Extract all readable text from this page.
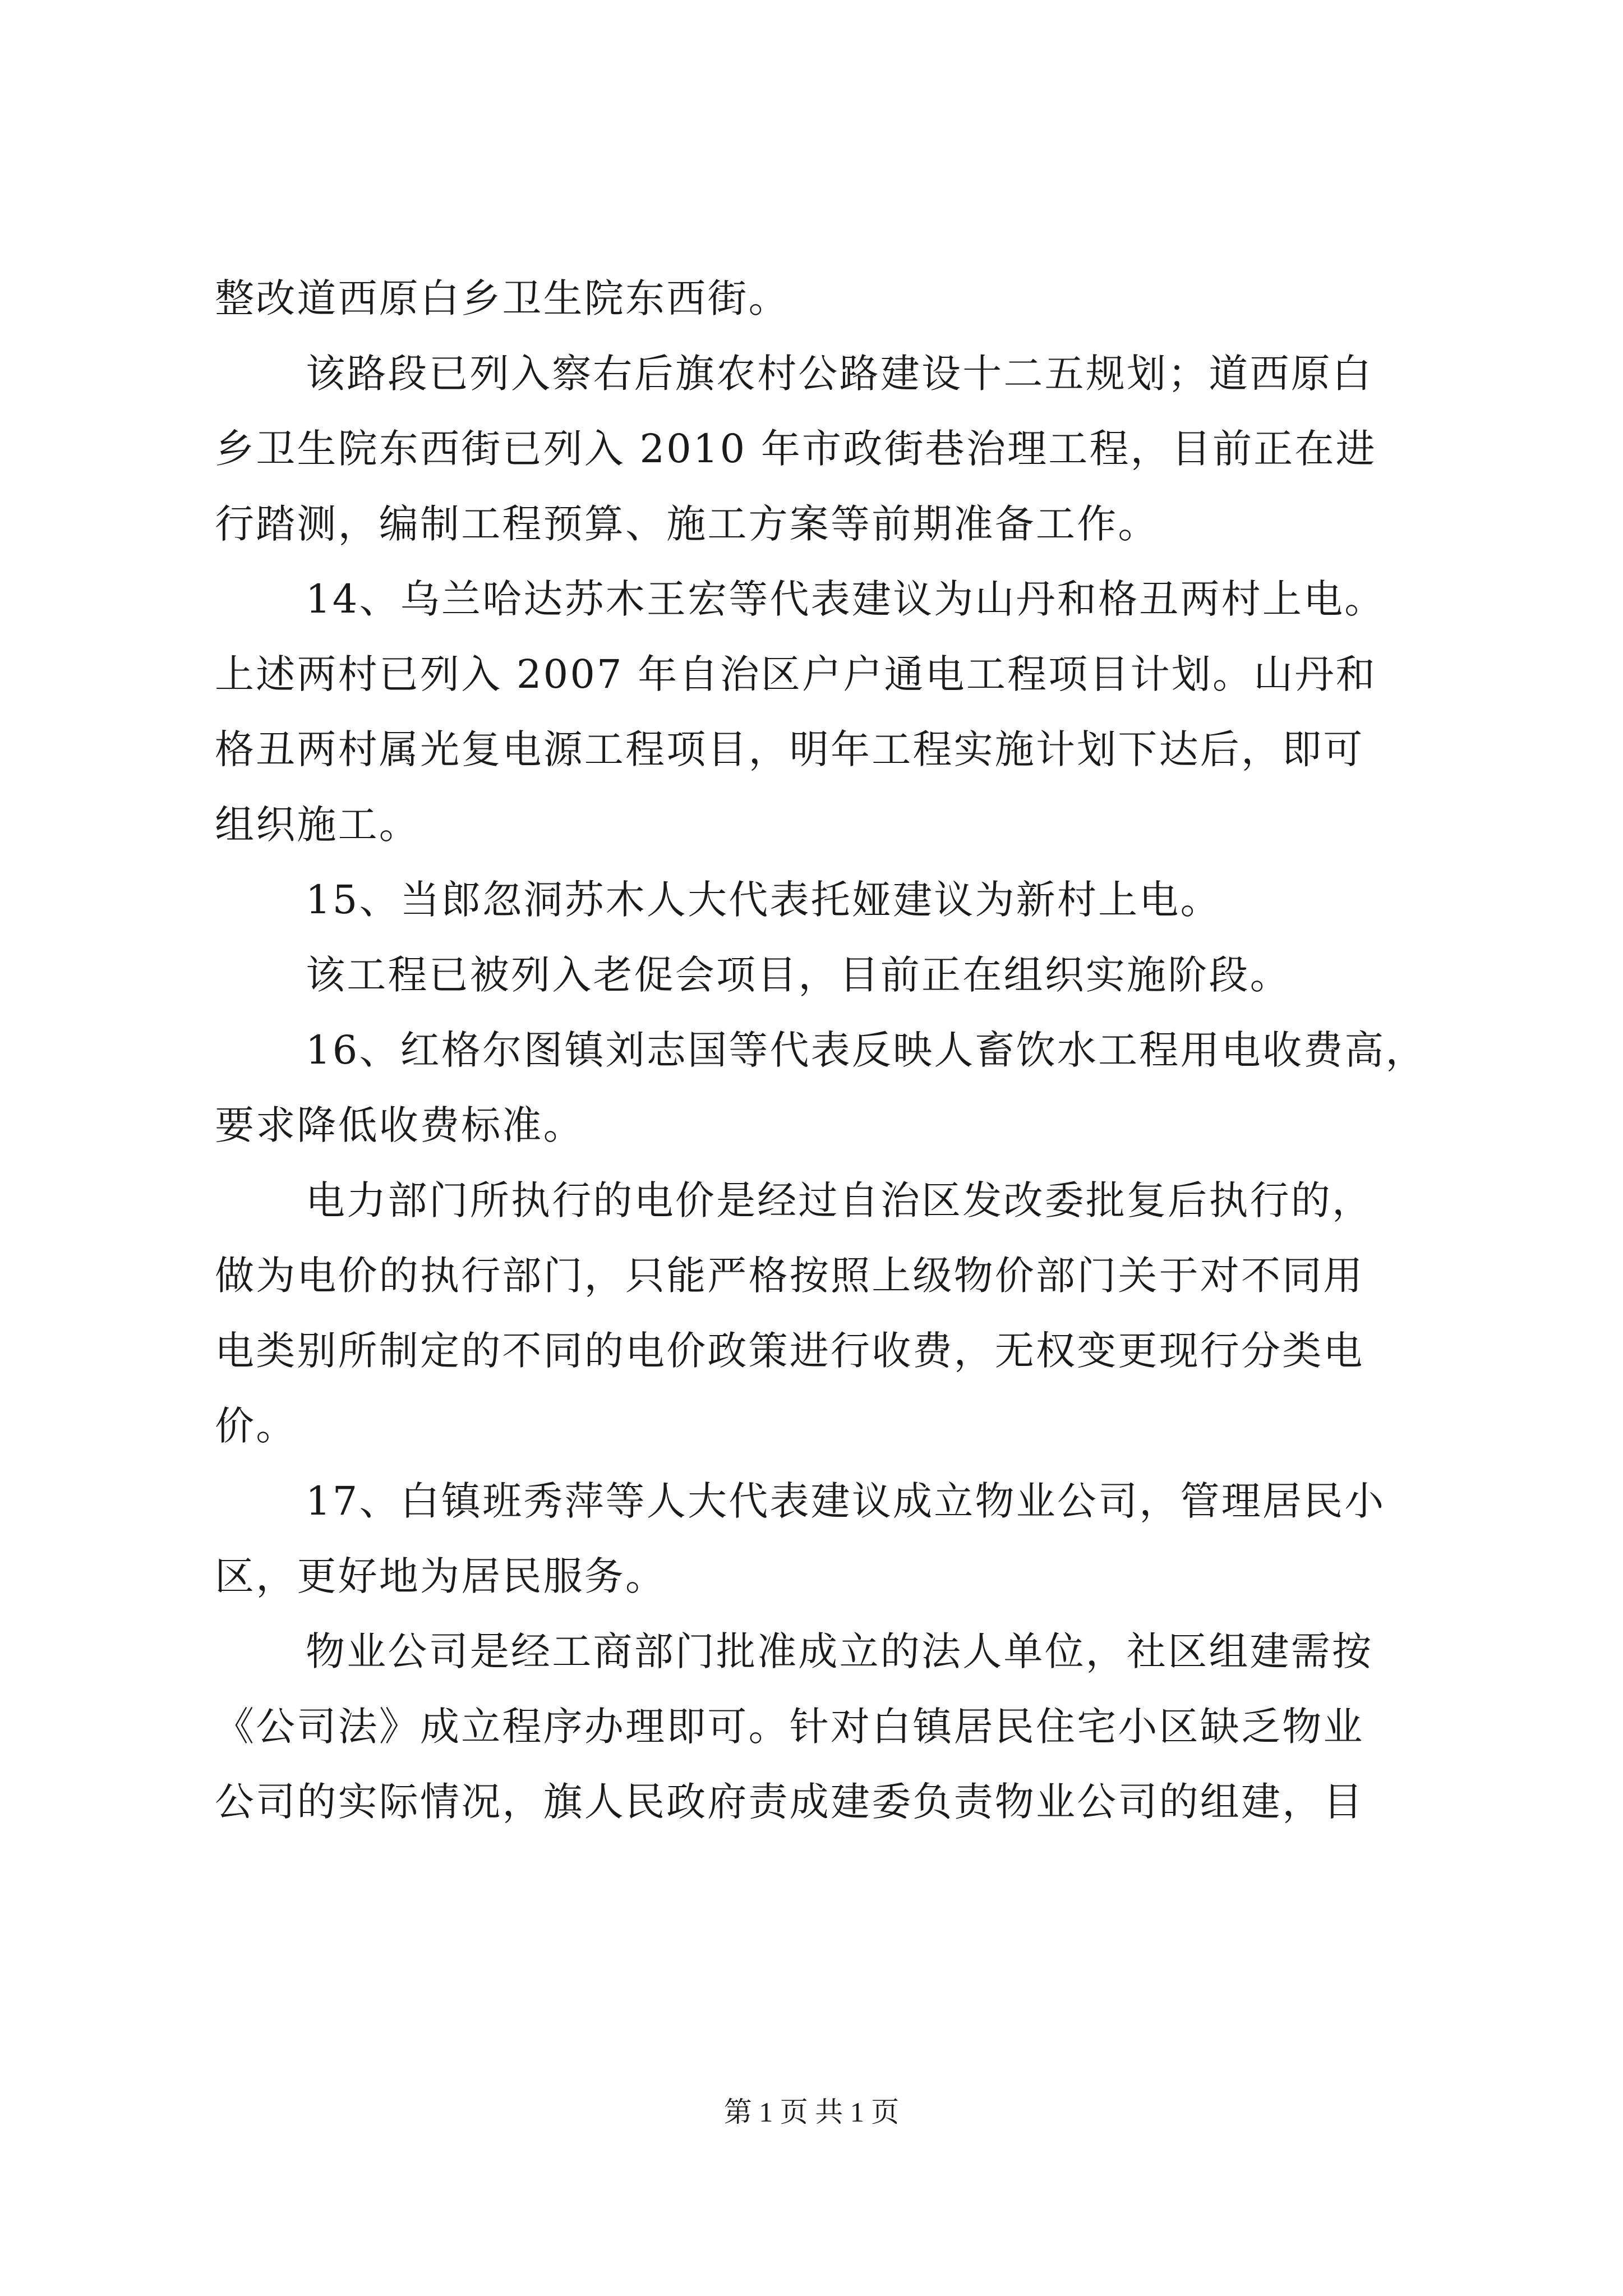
整改道西原白乡卫生院东西街。
该路段已列入察右后旗农村公路建设十二五规划；道西原白
乡卫生院东西街已列入 2010 年市政街巷治理工程，目前正在进
行踏测，编制工程预算、施工方案等前期准备工作。
14、乌兰哈达苏木王宏等代表建议为山丹和格丑两村上电。
上述两村已列入 2007 年自治区户户通电工程项目计划。山丹和
格丑两村属光复电源工程项目，明年工程实施计划下达后，即可
组织施工。
15、当郎忽洞苏木人大代表托娅建议为新村上电。
该工程已被列入老促会项目，目前正在组织实施阶段。
16、红格尔图镇刘志国等代表反映人畜饮水工程用电收费高，
要求降低收费标准。
电力部门所执行的电价是经过自治区发改委批复后执行的，
做为电价的执行部门，只能严格按照上级物价部门关于对不同用
电类别所制定的不同的电价政策进行收费，无权变更现行分类电
价。
17、白镇班秀萍等人大代表建议成立物业公司，管理居民小
区，更好地为居民服务。
物业公司是经工商部门批准成立的法人单位，社区组建需按
《公司法》成立程序办理即可。针对白镇居民住宅小区缺乏物业
公司的实际情况，旗人民政府责成建委负责物业公司的组建，目
第 1 页 共 1 页
